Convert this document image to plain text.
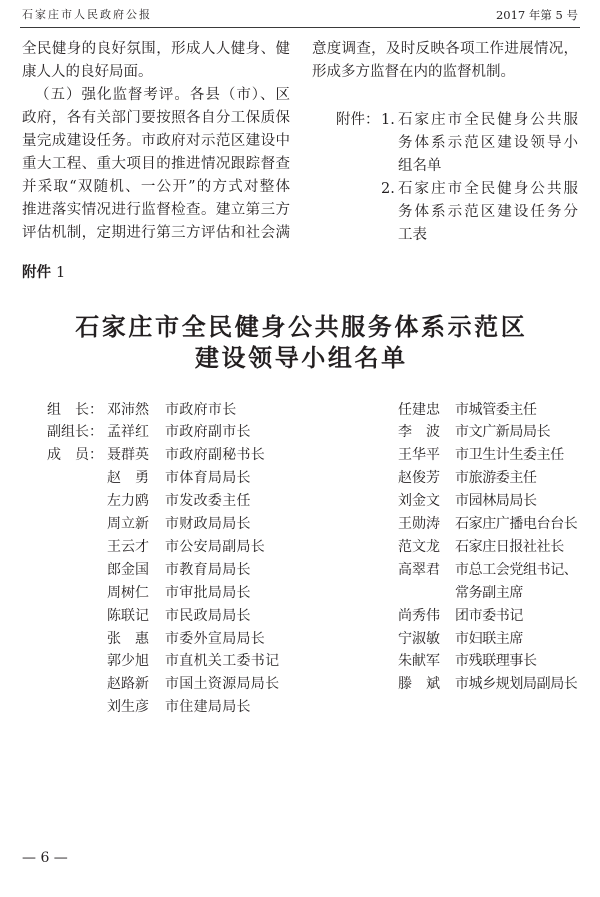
石家庄市人民政府公报	2017 年第 5 号
全民健身的良好氛围，形成人人健身、健
康人人的良好局面。
（五）强化监督考评。各县（市）、区
政府，各有关部门要按照各自分工保质保
量完成建设任务。市政府对示范区建设中
重大工程、重大项目的推进情况跟踪督查
并采取“双随机、一公开”的方式对整体
推进落实情况进行监督检查。建立第三方
评估机制，定期进行第三方评估和社会满
意度调查，及时反映各项工作进展情况，
形成多方监督在内的监督机制。
附件： 1. 石家庄市全民健身公共服
务体系示范区建设领导小
组名单
2. 石家庄市全民健身公共服
务体系示范区建设任务分
工表
附件 1
石家庄市全民健身公共服务体系示范区
建设领导小组名单
组　长： 邓沛然	市政府市长
副组长： 孟祥红	市政府副市长
成　员： 聂群英	市政府副秘书长
赵　勇	市体育局局长
左力鸥	市发改委主任
周立新	市财政局局长
王云才	市公安局副局长
郎金国	市教育局局长
周树仁	市审批局局长
陈联记	市民政局局长
张　惠	市委外宣局局长
郭少旭	市直机关工委书记
赵路新	市国土资源局局长
刘生彦	市住建局局长
任建忠	市城管委主任
李　波	市文广新局局长
王华平	市卫生计生委主任
赵俊芳	市旅游委主任
刘金文	市园林局局长
王勋涛	石家庄广播电台台长
范文龙	石家庄日报社社长
高翠君	市总工会党组书记、
常务副主席
尚秀伟	团市委书记
宁淑敏	市妇联主席
朱献军	市残联理事长
滕　斌	市城乡规划局副局长
— 6 —
